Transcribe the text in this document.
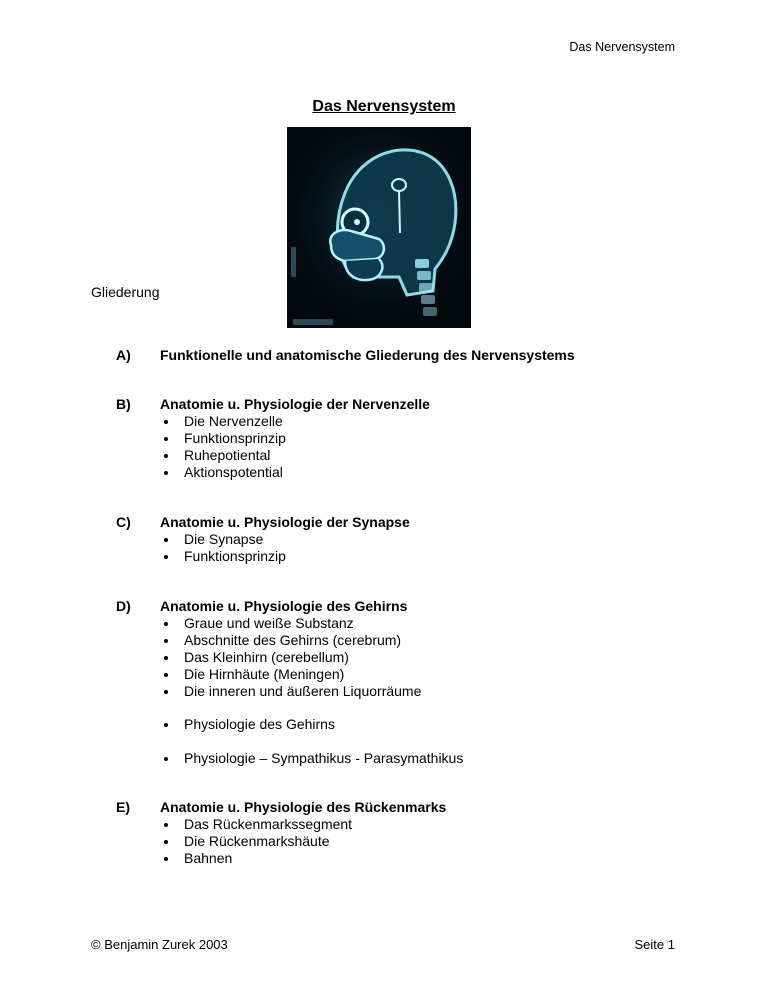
Das Nervensystem
Das Nervensystem
Gliederung
A) Funktionelle und anatomische Gliederung des Nervensystems
B) Anatomie u. Physiologie der Nervenzelle
Die Nervenzelle
Funktionsprinzip
Ruhepotiental
Aktionspotential
C) Anatomie u. Physiologie der Synapse
Die Synapse
Funktionsprinzip
D) Anatomie u. Physiologie des Gehirns
Graue und weiße Substanz
Abschnitte des Gehirns (cerebrum)
Das Kleinhirn (cerebellum)
Die Hirnhäute (Meningen)
Die inneren und äußeren Liquorräume
Physiologie des Gehirns
Physiologie – Sympathikus - Parasymathikus
E) Anatomie u. Physiologie des Rückenmarks
Das Rückenmarkssegment
Die Rückenmarkshäute
Bahnen
© Benjamin Zurek 2003	Seite 1
